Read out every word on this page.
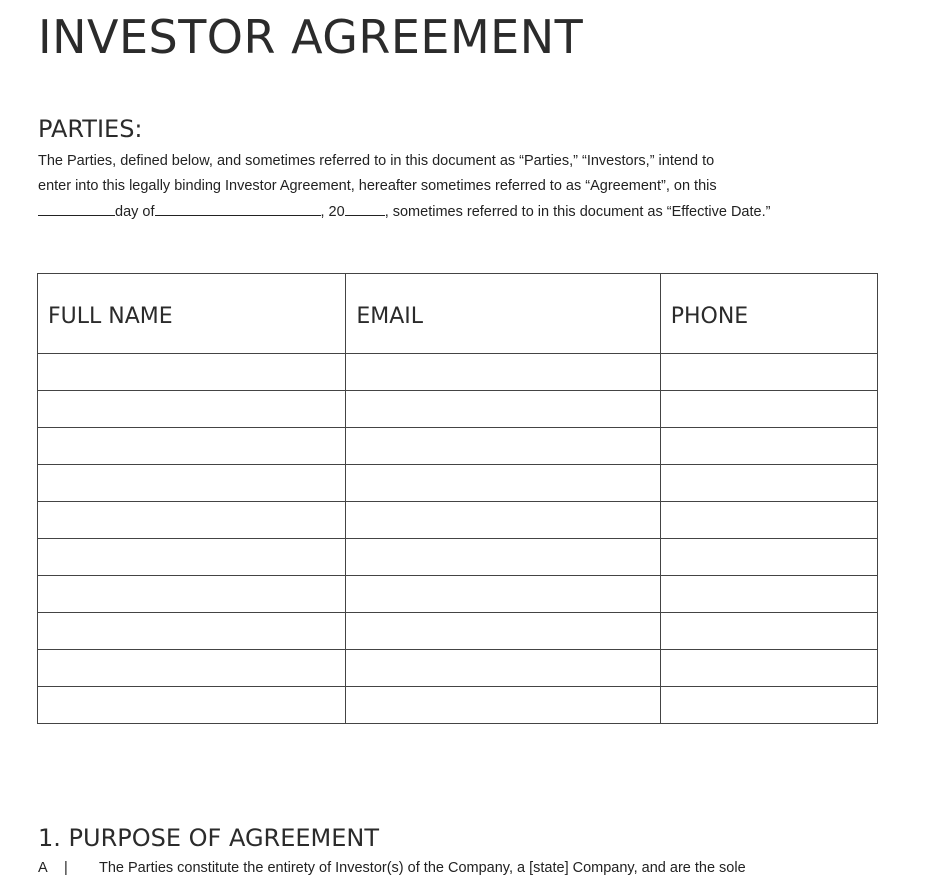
INVESTOR AGREEMENT
PARTIES:
The Parties, defined below, and sometimes referred to in this document as “Parties,” “Investors,” intend to
enter into this legally binding Investor Agreement, hereafter sometimes referred to as “Agreement”, on this
day of	, 20	, sometimes referred to in this document as “Effective Date.”
FULL NAME	EMAIL	PHONE

1. PURPOSE OF AGREEMENT
A | The Parties constitute the entirety of Investor(s) of the Company, a [state] Company, and are the sole
